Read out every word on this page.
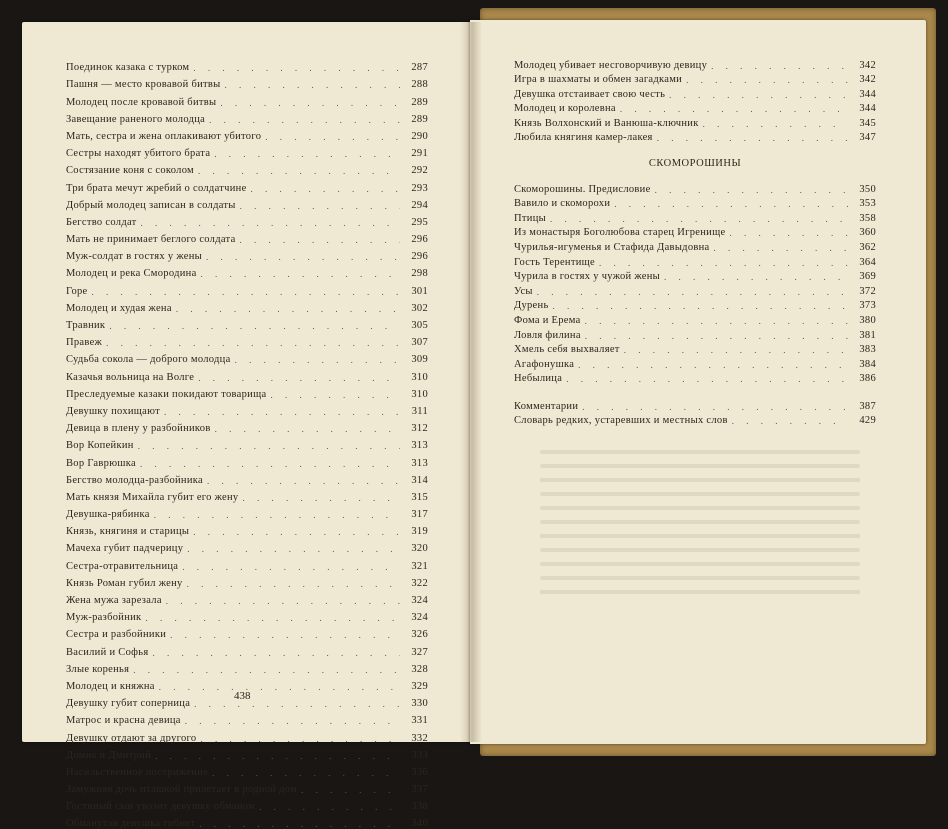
Поединок казака с турком . . .	287
Пашня — место кровавой битвы . . .	288
Молодец после кровавой битвы . . .	289
Завещание раненого молодца . . .	289
Мать, сестра и жена оплакивают убитого . . .	290
Сестры находят убитого брата . . .	291
Состязание коня с соколом . . .	292
Три брата мечут жребий о солдатчине . . .	293
Добрый молодец записан в солдаты . . .	294
Бегство солдат . . .	295
Мать не принимает беглого солдата . . .	296
Муж-солдат в гостях у жены . . .	296
Молодец и река Смородина . . .	298
Горе . . .	301
Молодец и худая жена . . .	302
Травник . . .	305
Правеж . . .	307
Судьба сокола — доброго молодца . . .	309
Казачья вольница на Волге . . .	310
Преследуемые казаки покидают товарища . . .	310
Девушку похищают . . .	311
Девица в плену у разбойников . . .	312
Вор Копейкин . . .	313
Вор Гаврюшка . . .	313
Бегство молодца-разбойника . . .	314
Мать князя Михайла губит его жену . . .	315
Девушка-рябинка . . .	317
Князь, княгиня и старицы . . .	319
Мачеха губит падчерицу . . .	320
Сестра-отравительница . . .	321
Князь Роман губил жену . . .	322
Жена мужа зарезала . . .	324
Муж-разбойник . . .	324
Сестра и разбойники . . .	326
Василий и Софья . . .	327
Злые коренья . . .	328
Молодец и княжна . . .	329
Девушку губит соперница . . .	330
Матрос и красна девица . . .	331
Девушку отдают за другого . . .	332
Домна и Дмитрий . . .	333
Насильственное пострижение . . .	336
Замужняя дочь пташкой прилетает в родной дом . . .	337
Гостиный сын увозит девушку обманом . . .	338
Обманутая девушка гибнет . . .	340
Молодец убивает несговорчивую девицу . . .	342
Игра в шахматы и обмен загадками . . .	342
Девушка отстаивает свою честь . . .	344
Молодец и королевна . . .	344
Князь Волхонский и Ванюша-ключник . . .	345
Любила княгиня камер-лакея . . .	347
СКОМОРОШИНЫ
Скоморошины. Предисловие . . .	350
Вавило и скоморохи . . .	353
Птицы . . .	358
Из монастыря Боголюбова старец Игренище . . .	360
Чурилья-игуменья и Стафида Давыдовна . . .	362
Гость Терентище . . .	364
Чурила в гостях у чужой жены . . .	369
Усы . . .	372
Дурень . . .	373
Фома и Ерема . . .	380
Ловля филина . . .	381
Хмель себя выхваляет . . .	383
Агафонушка . . .	384
Небылица . . .	386
Комментарии . . .	387
Словарь редких, устаревших и местных слов . . .	429
438
